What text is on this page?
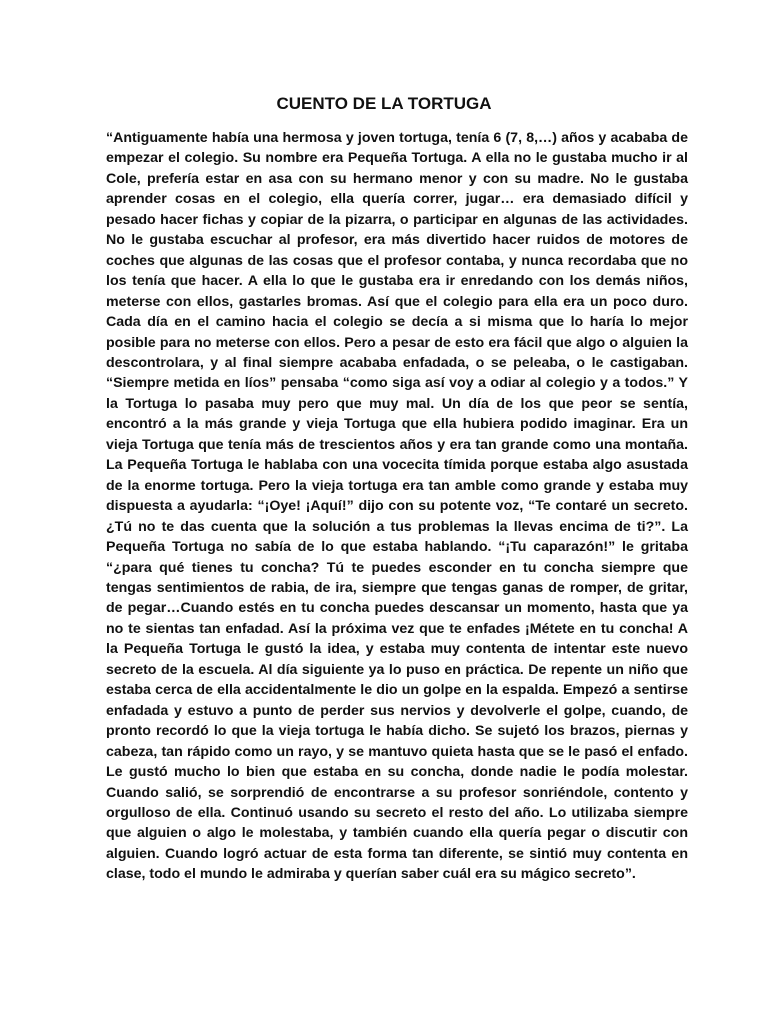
CUENTO DE LA TORTUGA

“Antiguamente había una hermosa y joven tortuga, tenía 6 (7, 8,…) años y acababa de empezar el colegio. Su nombre era Pequeña Tortuga. A ella no le gustaba mucho ir al Cole, prefería estar en asa con su hermano menor y con su madre. No le gustaba aprender cosas en el colegio, ella quería correr, jugar… era demasiado difícil y pesado hacer fichas y copiar de la pizarra, o participar en algunas de las actividades. No le gustaba escuchar al profesor, era más divertido hacer ruidos de motores de coches que algunas de las cosas que el profesor contaba, y nunca recordaba que no los tenía que hacer. A ella lo que le gustaba era ir enredando con los demás niños, meterse con ellos, gastarles bromas. Así que el colegio para ella era un poco duro. Cada día en el camino hacia el colegio se decía a si misma que lo haría lo mejor posible para no meterse con ellos. Pero a pesar de esto era fácil que algo o alguien la descontrolara, y al final siempre acababa enfadada, o se peleaba, o le castigaban. “Siempre metida en líos” pensaba “como siga así voy a odiar al colegio y a todos.” Y la Tortuga lo pasaba muy pero que muy mal. Un día de los que peor se sentía, encontró a la más grande y vieja Tortuga que ella hubiera podido imaginar. Era un vieja Tortuga que tenía más de trescientos años y era tan grande como una montaña. La Pequeña Tortuga le hablaba con una vocecita tímida porque estaba algo asustada de la enorme tortuga. Pero la vieja tortuga era tan amble como grande y estaba muy dispuesta a ayudarla: “¡Oye! ¡Aquí!” dijo con su potente voz, “Te contaré un secreto. ¿Tú no te das cuenta que la solución a tus problemas la llevas encima de ti?”. La Pequeña Tortuga no sabía de lo que estaba hablando. “¡Tu caparazón!” le gritaba “¿para qué tienes tu concha? Tú te puedes esconder en tu concha siempre que tengas sentimientos de rabia, de ira, siempre que tengas ganas de romper, de gritar, de pegar…Cuando estés en tu concha puedes descansar un momento, hasta que ya no te sientas tan enfadad. Así la próxima vez que te enfades ¡Métete en tu concha! A la Pequeña Tortuga le gustó la idea, y estaba muy contenta de intentar este nuevo secreto de la escuela. Al día siguiente ya lo puso en práctica. De repente un niño que estaba cerca de ella accidentalmente le dio un golpe en la espalda. Empezó a sentirse enfadada y estuvo a punto de perder sus nervios y devolverle el golpe, cuando, de pronto recordó lo que la vieja tortuga le había dicho. Se sujetó los brazos, piernas y cabeza, tan rápido como un rayo, y se mantuvo quieta hasta que se le pasó el enfado. Le gustó mucho lo bien que estaba en su concha, donde nadie le podía molestar. Cuando salió, se sorprendió de encontrarse a su profesor sonriéndole, contento y orgulloso de ella. Continuó usando su secreto el resto del año. Lo utilizaba siempre que alguien o algo le molestaba, y también cuando ella quería pegar o discutir con alguien. Cuando logró actuar de esta forma tan diferente, se sintió muy contenta en clase, todo el mundo le admiraba y querían saber cuál era su mágico secreto”.
